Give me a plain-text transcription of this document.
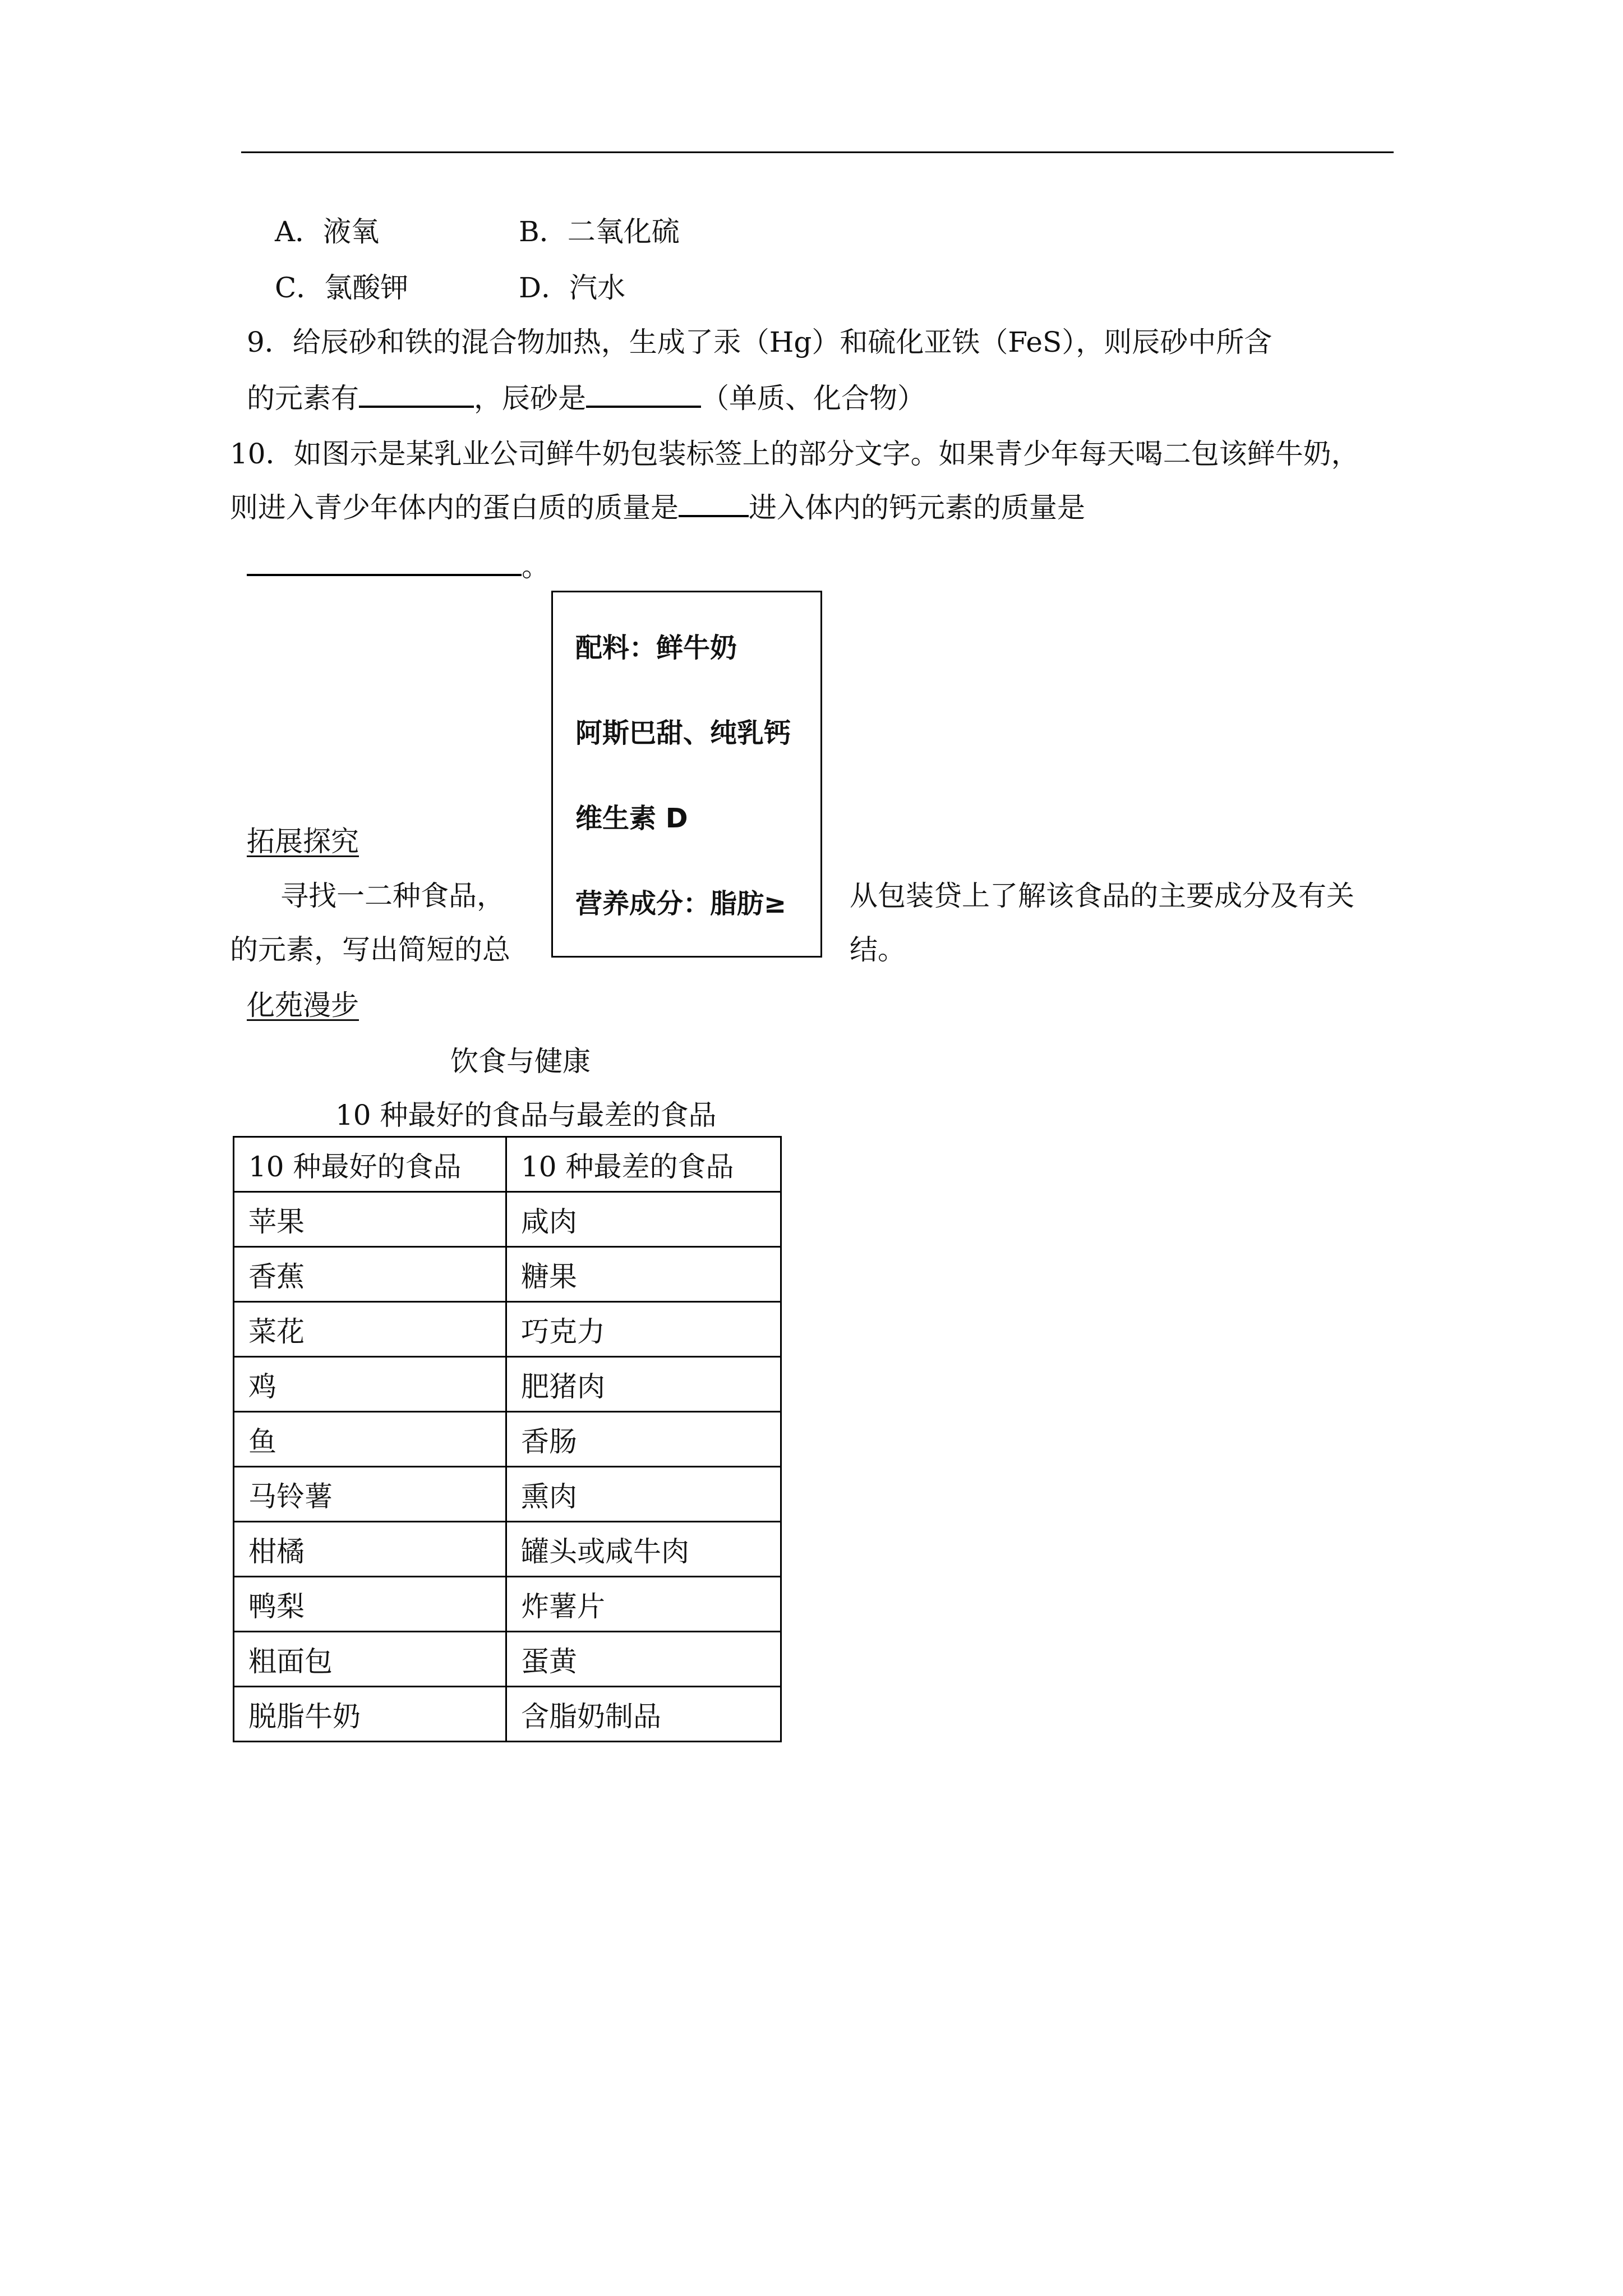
A．液氧	B．二氧化硫
C．氯酸钾	D．汽水
9．给辰砂和铁的混合物加热，生成了汞（Hg）和硫化亚铁（FeS），则辰砂中所含
的元素有	，辰砂是	（单质、化合物）
10．如图示是某乳业公司鲜牛奶包装标签上的部分文字。如果青少年每天喝二包该鲜牛奶，
则进入青少年体内的蛋白质的质量是	进入体内的钙元素的质量是
。
配料：鲜牛奶
阿斯巴甜、纯乳钙
维生素 D
营养成分：脂肪≥
拓展探究
寻找一二种食品，	从包装贷上了解该食品的主要成分及有关
的元素，写出简短的总	结。
化苑漫步
饮食与健康
10 种最好的食品与最差的食品
10 种最好的食品	10 种最差的食品
苹果	咸肉
香蕉	糖果
菜花	巧克力
鸡	肥猪肉
鱼	香肠
马铃薯	熏肉
柑橘	罐头或咸牛肉
鸭梨	炸薯片
粗面包	蛋黄
脱脂牛奶	含脂奶制品
